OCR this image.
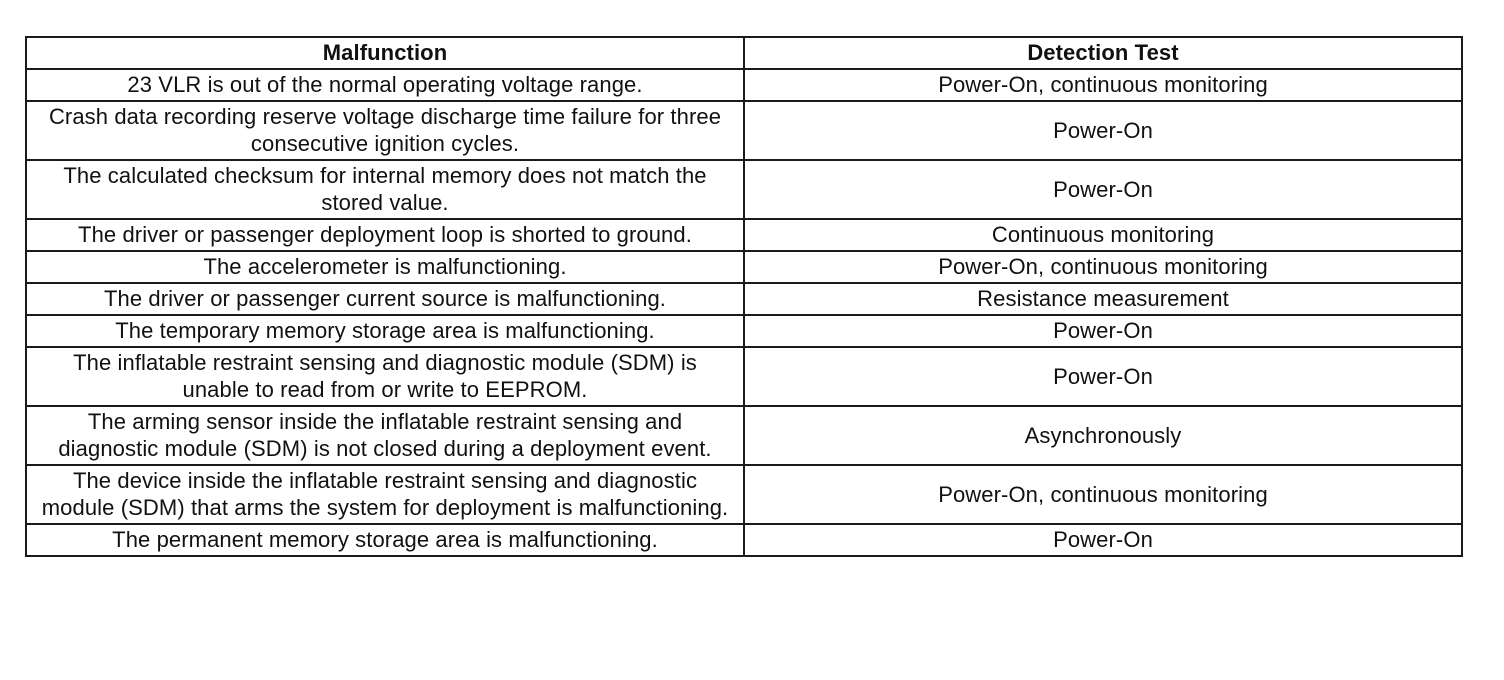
Malfunction	Detection Test
23 VLR is out of the normal operating voltage range.	Power-On, continuous monitoring
Crash data recording reserve voltage discharge time failure for three consecutive ignition cycles.	Power-On
The calculated checksum for internal memory does not match the stored value.	Power-On
The driver or passenger deployment loop is shorted to ground.	Continuous monitoring
The accelerometer is malfunctioning.	Power-On, continuous monitoring
The driver or passenger current source is malfunctioning.	Resistance measurement
The temporary memory storage area is malfunctioning.	Power-On
The inflatable restraint sensing and diagnostic module (SDM) is unable to read from or write to EEPROM.	Power-On
The arming sensor inside the inflatable restraint sensing and diagnostic module (SDM) is not closed during a deployment event.	Asynchronously
The device inside the inflatable restraint sensing and diagnostic module (SDM) that arms the system for deployment is malfunctioning.	Power-On, continuous monitoring
The permanent memory storage area is malfunctioning.	Power-On
